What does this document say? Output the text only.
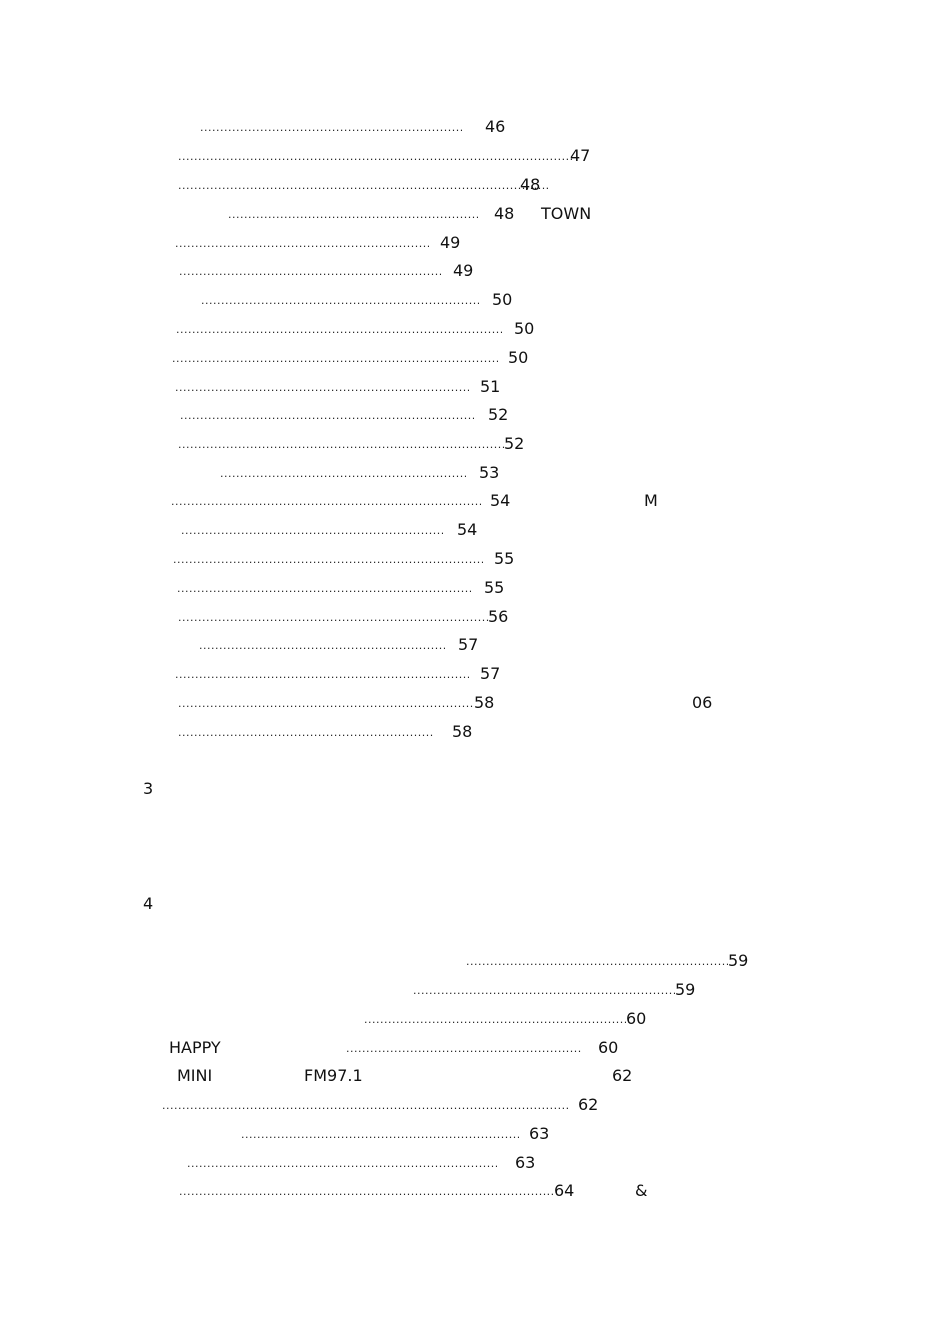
.....
46
.....
47
.....
48
.....
48 TOWN
.....
49
.....
49
.....
50
.....
50
.....
50
.....
51
.....
52
.....
52
.....
53
.....
54	M
.....
54
.....
55
.....
55
.....
56
.....
57
.....
57
.....
58	06
.....
58
3
4
.....
59
.....
59
.....
60
HAPPY
.....	60
MINI	FM97.1	62
.....
62
.....
63
.....
63
.....
64	&
